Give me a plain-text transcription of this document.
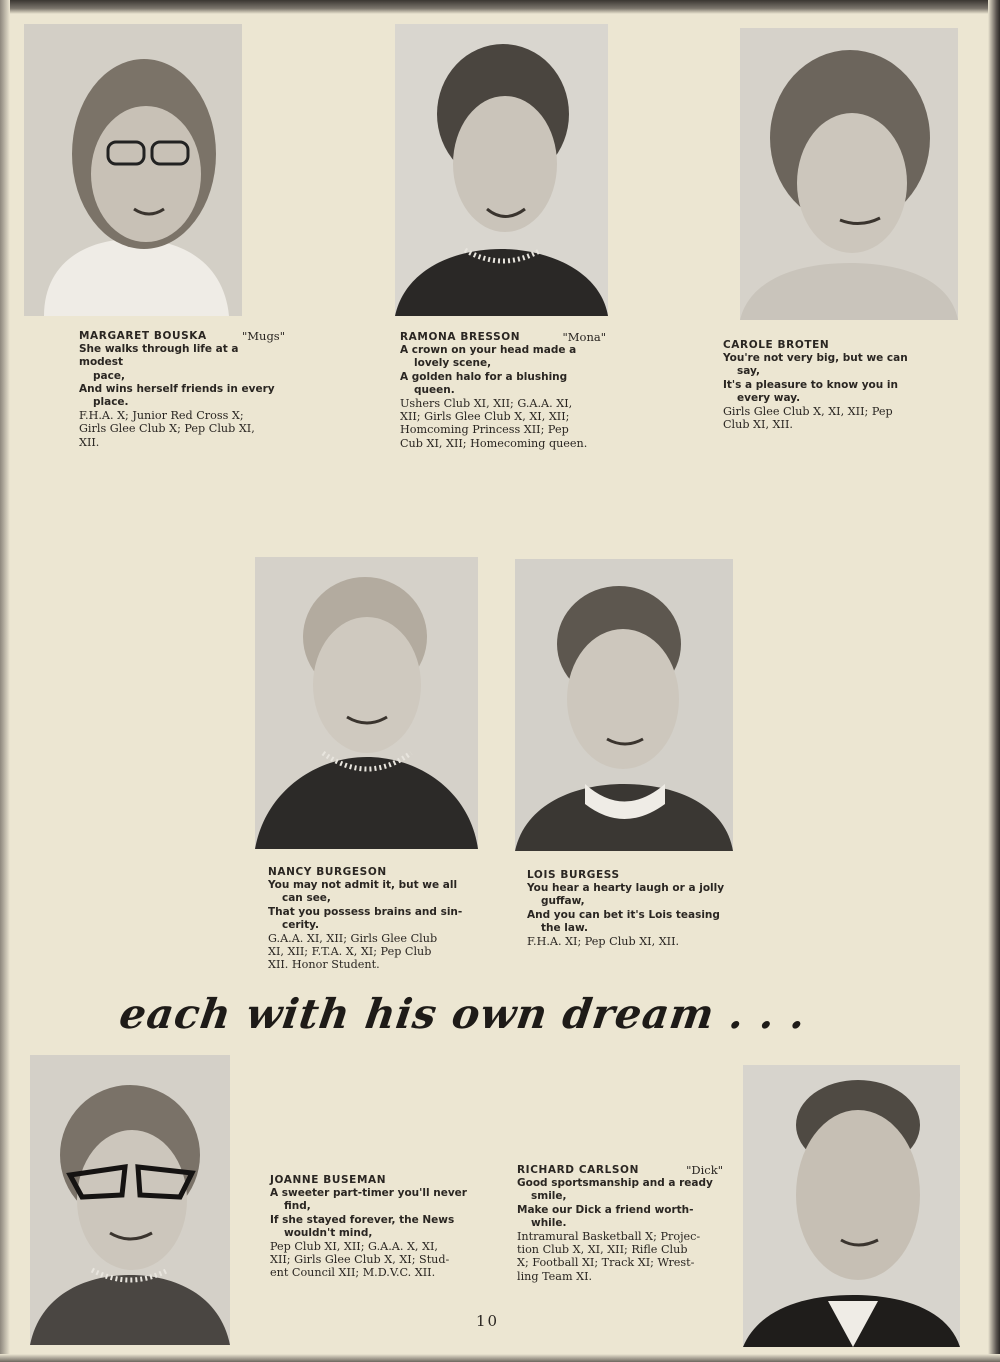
MARGARET BOUSKA	"Mugs"
She walks through life at a modest
pace,
And wins herself friends in every
place.
F.H.A. X; Junior Red Cross X;
Girls Glee Club X; Pep Club XI,
XII.
RAMONA BRESSON	"Mona"
A crown on your head made a
lovely scene,
A golden halo for a blushing
queen.
Ushers Club XI, XII; G.A.A. XI,
XII; Girls Glee Club X, XI, XII;
Homcoming Princess XII; Pep
Cub XI, XII; Homecoming queen.
CAROLE BROTEN
You're not very big, but we can
say,
It's a pleasure to know you in
every way.
Girls Glee Club X, XI, XII; Pep
Club XI, XII.
NANCY BURGESON
You may not admit it, but we all
can see,
That you possess brains and sin-
cerity.
G.A.A. XI, XII; Girls Glee Club
XI, XII; F.T.A. X, XI; Pep Club
XII. Honor Student.
LOIS BURGESS
You hear a hearty laugh or a jolly
guffaw,
And you can bet it's Lois teasing
the law.
F.H.A. XI; Pep Club XI, XII.
each with his own dream . . .
JOANNE BUSEMAN
A sweeter part-timer you'll never
find,
If she stayed forever, the News
wouldn't mind,
Pep Club XI, XII; G.A.A. X, XI,
XII; Girls Glee Club X, XI; Stud-
ent Council XII; M.D.V.C. XII.
RICHARD CARLSON	"Dick"
Good sportsmanship and a ready
smile,
Make our Dick a friend worth-
while.
Intramural Basketball X; Projec-
tion Club X, XI, XII; Rifle Club
X; Football XI; Track XI; Wrest-
ling Team XI.
10
